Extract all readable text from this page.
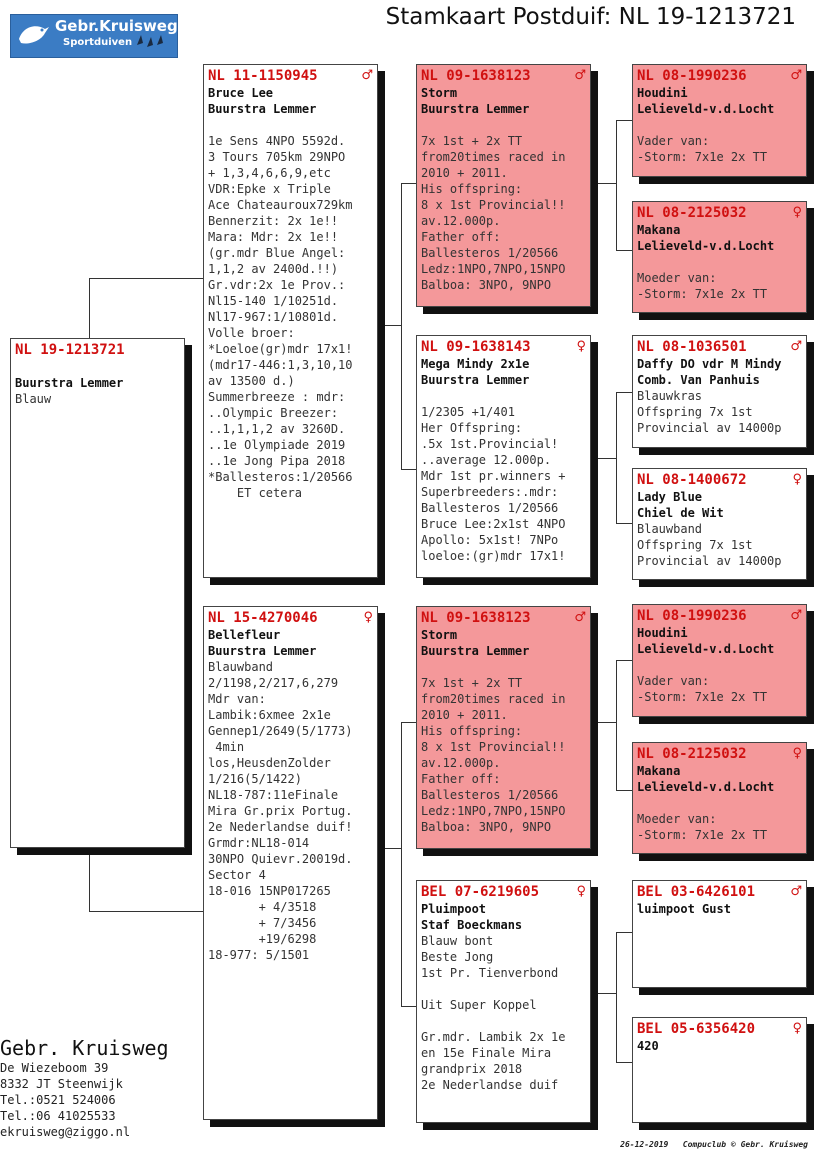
Gebr.Kruisweg
Sportduiven
Stamkaart Postduif: NL 19-1213721
NL 19-1213721
Buurstra Lemmer
Blauw
NL 11-1150945	♂
Bruce Lee
Buurstra Lemmer

1e Sens 4NPO 5592d.
3 Tours 705km 29NPO
+ 1,3,4,6,6,9,etc
VDR:Epke x Triple
Ace Chateauroux729km
Bennerzit: 2x 1e!!
Mara: Mdr: 2x 1e!!
(gr.mdr Blue Angel:
1,1,2 av 2400d.!!)
Gr.vdr:2x 1e Prov.:
Nl15-140 1/10251d.
Nl17-967:1/10801d.
Volle broer:
*Loeloe(gr)mdr 17x1!
(mdr17-446:1,3,10,10
av 13500 d.)
Summerbreeze : mdr:
..Olympic Breezer:
..1,1,1,2 av 3260D.
..1e Olympiade 2019
..1e Jong Pipa 2018
*Ballesteros:1/20566
ET cetera
NL 15-4270046	♀
Bellefleur
Buurstra Lemmer
Blauwband
2/1198,2/217,6,279
Mdr van:
Lambik:6xmee 2x1e
Gennep1/2649(5/1773)
4min
los,HeusdenZolder
1/216(5/1422)
NL18-787:11eFinale
Mira Gr.prix Portug.
2e Nederlandse duif!
Grmdr:NL18-014
30NPO Quievr.20019d.
Sector 4
18-016 15NP017265
+ 4/3518
+ 7/3456
+19/6298
18-977: 5/1501
NL 09-1638123	♂
Storm
Buurstra Lemmer

7x 1st + 2x TT
from20times raced in
2010 + 2011.
His offspring:
8 x 1st Provincial!!
av.12.000p.
Father off:
Ballesteros 1/20566
Ledz:1NPO,7NPO,15NPO
Balboa: 3NPO, 9NPO
NL 09-1638143	♀
Mega Mindy 2x1e
Buurstra Lemmer

1/2305 +1/401
Her Offspring:
.5x 1st.Provincial!
..average 12.000p.
Mdr 1st pr.winners +
Superbreeders:.mdr:
Ballesteros 1/20566
Bruce Lee:2x1st 4NPO
Apollo: 5x1st! 7NPo
loeloe:(gr)mdr 17x1!
NL 09-1638123	♂
Storm
Buurstra Lemmer

7x 1st + 2x TT
from20times raced in
2010 + 2011.
His offspring:
8 x 1st Provincial!!
av.12.000p.
Father off:
Ballesteros 1/20566
Ledz:1NPO,7NPO,15NPO
Balboa: 3NPO, 9NPO
BEL 07-6219605	♀
Pluimpoot
Staf Boeckmans
Blauw bont
Beste Jong
1st Pr. Tienverbond

Uit Super Koppel

Gr.mdr. Lambik 2x 1e
en 15e Finale Mira
grandprix 2018
2e Nederlandse duif
NL 08-1990236	♂
Houdini
Lelieveld-v.d.Locht

Vader van:
-Storm: 7x1e 2x TT
NL 08-2125032	♀
Makana
Lelieveld-v.d.Locht

Moeder van:
-Storm: 7x1e 2x TT
NL 08-1036501	♂
Daffy DO vdr M Mindy
Comb. Van Panhuis
Blauwkras
Offspring 7x 1st
Provincial av 14000p
NL 08-1400672	♀
Lady Blue
Chiel de Wit
Blauwband
Offspring 7x 1st
Provincial av 14000p
NL 08-1990236	♂
Houdini
Lelieveld-v.d.Locht

Vader van:
-Storm: 7x1e 2x TT
NL 08-2125032	♀
Makana
Lelieveld-v.d.Locht

Moeder van:
-Storm: 7x1e 2x TT
BEL 03-6426101	♂
luimpoot Gust
BEL 05-6356420	♀
420
Gebr. Kruisweg
De Wiezeboom 39
8332 JT Steenwijk
Tel.:0521 524006
Tel.:06 41025533
ekruisweg@ziggo.nl
26-12-2019   Compuclub © Gebr. Kruisweg
